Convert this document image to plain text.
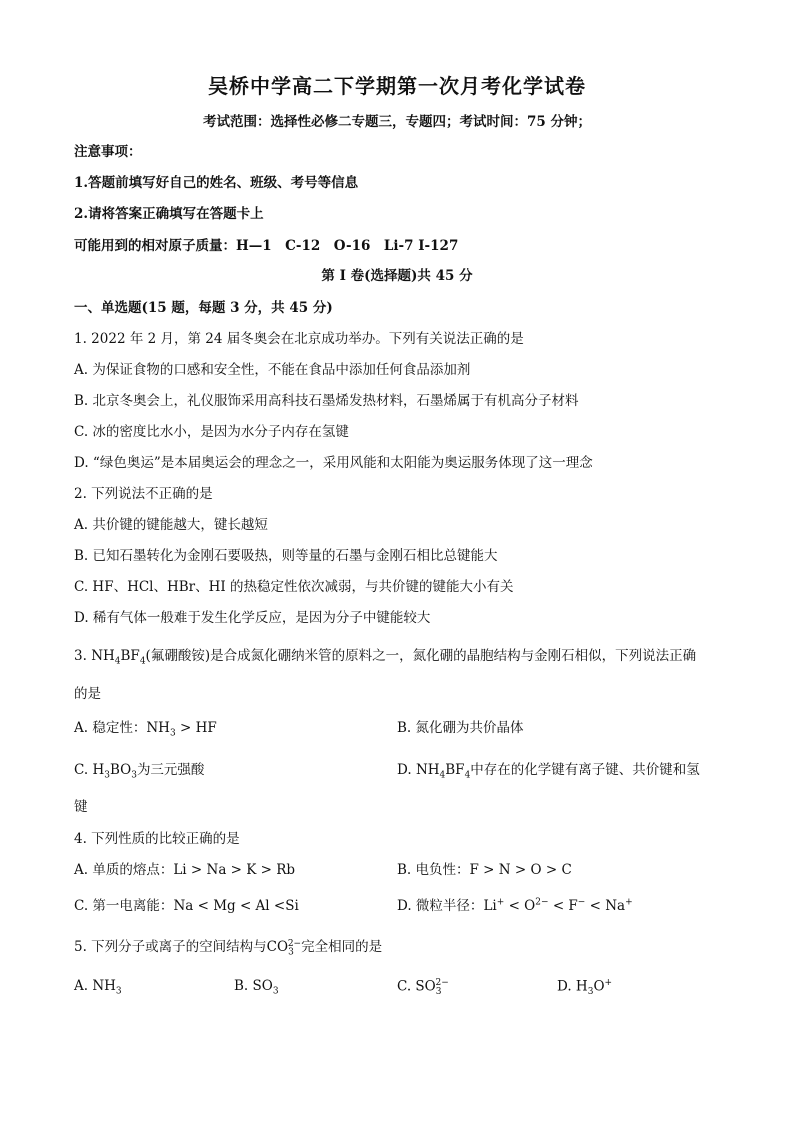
吴桥中学高二下学期第一次月考化学试卷
考试范围：选择性必修二专题三，专题四；考试时间：75 分钟；
注意事项：
1.答题前填写好自己的姓名、班级、考号等信息
2.请将答案正确填写在答题卡上
可能用到的相对原子质量：H—1　C-12　O-16　Li-7 I-127
第 I 卷(选择题)共 45 分
一、单选题(15 题，每题 3 分，共 45 分)
1. 2022 年 2 月，第 24 届冬奥会在北京成功举办。下列有关说法正确的是
A. 为保证食物的口感和安全性，不能在食品中添加任何食品添加剂
B. 北京冬奥会上，礼仪服饰采用高科技石墨烯发热材料，石墨烯属于有机高分子材料
C. 冰的密度比水小，是因为水分子内存在氢键
D. “绿色奥运”是本届奥运会的理念之一，采用风能和太阳能为奥运服务体现了这一理念
2. 下列说法不正确的是
A. 共价键的键能越大，键长越短
B. 已知石墨转化为金刚石要吸热，则等量的石墨与金刚石相比总键能大
C. HF、HCl、HBr、HI 的热稳定性依次减弱，与共价键的键能大小有关
D. 稀有气体一般难于发生化学反应，是因为分子中键能较大
3. $NH_4BF_4$(氟硼酸铵)是合成氮化硼纳米管的原料之一，氮化硼的晶胞结构与金刚石相似，下列说法正确
的是
A. 稳定性：$NH_3$ > HF	B. 氮化硼为共价晶体
C. $H_3BO_3$为三元强酸	D. $NH_4BF_4$中存在的化学键有离子键、共价键和氢
键
4. 下列性质的比较正确的是
A. 单质的熔点：Li > Na > K > Rb	B. 电负性：F > N > O > C
C. 第一电离能：Na < Mg < Al <Si	D. 微粒半径：$Li^+ < O^{2-} < F^- < Na^+$
5. 下列分子或离子的空间结构与$CO_3^{2-}$完全相同的是
A. $NH_3$	B. $SO_3$	C. $SO_3^{2-}$	D. $H_3O^+$
